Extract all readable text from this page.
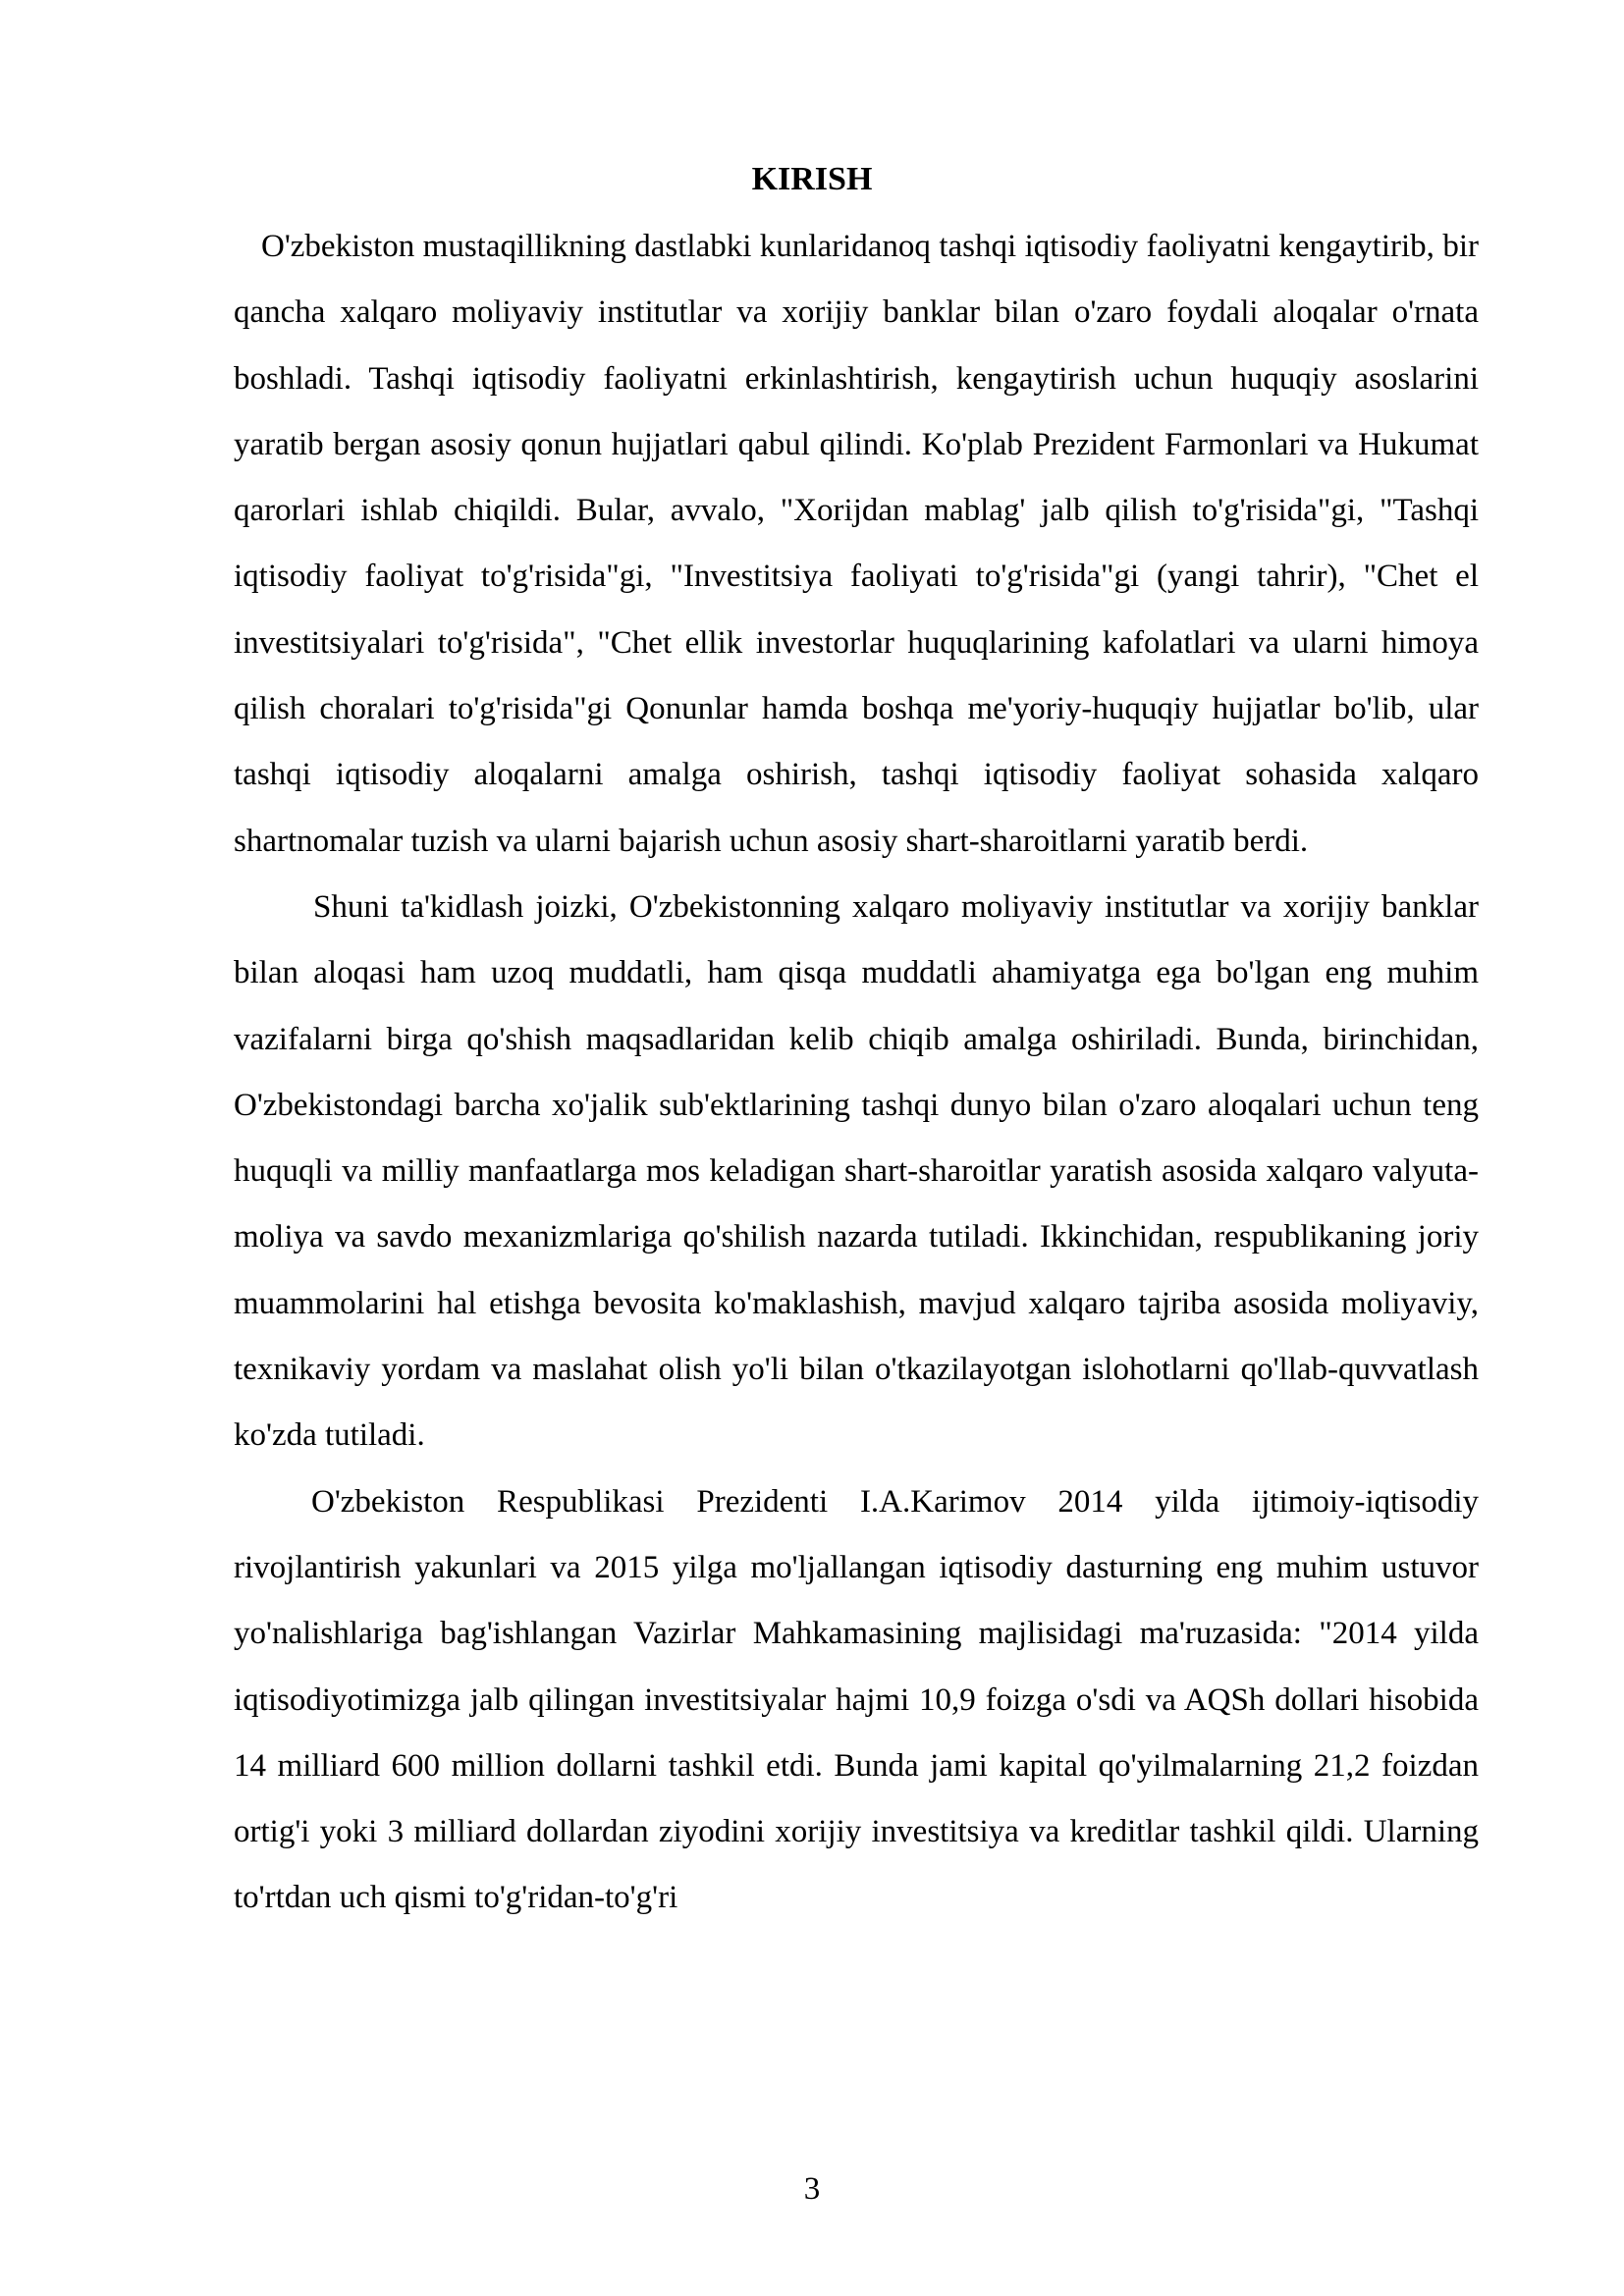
KIRISH

O'zbekiston mustaqillikning dastlabki kunlaridanoq tashqi iqtisodiy faoliyatni kengaytirib, bir qancha xalqaro moliyaviy institutlar va xorijiy banklar bilan o'zaro foydali aloqalar o'rnata boshladi. Tashqi iqtisodiy faoliyatni erkinlashtirish, kengaytirish uchun huquqiy asoslarini yaratib bergan asosiy qonun hujjatlari qabul qilindi. Ko'plab Prezident Farmonlari va Hukumat qarorlari ishlab chiqildi. Bular, avvalo, "Xorijdan mablag' jalb qilish to'g'risida"gi, "Tashqi iqtisodiy faoliyat to'g'risida"gi, "Investitsiya faoliyati to'g'risida"gi (yangi tahrir), "Chet el investitsiyalari to'g'risida", "Chet ellik investorlar huquqlarining kafolatlari va ularni himoya qilish choralari to'g'risida"gi Qonunlar hamda boshqa me'yoriy-huquqiy hujjatlar bo'lib, ular tashqi iqtisodiy aloqalarni amalga oshirish, tashqi iqtisodiy faoliyat sohasida xalqaro shartnomalar tuzish va ularni bajarish uchun asosiy shart-sharoitlarni yaratib berdi.

Shuni ta'kidlash joizki, O'zbekistonning xalqaro moliyaviy institutlar va xorijiy banklar bilan aloqasi ham uzoq muddatli, ham qisqa muddatli ahamiyatga ega bo'lgan eng muhim vazifalarni birga qo'shish maqsadlaridan kelib chiqib amalga oshiriladi. Bunda, birinchidan, O'zbekistondagi barcha xo'jalik sub'ektlarining tashqi dunyo bilan o'zaro aloqalari uchun teng huquqli va milliy manfaatlarga mos keladigan shart-sharoitlar yaratish asosida xalqaro valyuta-moliya va savdo mexanizmlariga qo'shilish nazarda tutiladi. Ikkinchidan, respublikaning joriy muammolarini hal etishga bevosita ko'maklashish, mavjud xalqaro tajriba asosida moliyaviy, texnikaviy yordam va maslahat olish yo'li bilan o'tkazilayotgan islohotlarni qo'llab-quvvatlash ko'zda tutiladi.

O'zbekiston Respublikasi Prezidenti I.A.Karimov 2014 yilda ijtimoiy-iqtisodiy rivojlantirish yakunlari va 2015 yilga mo'ljallangan iqtisodiy dasturning eng muhim ustuvor yo'nalishlariga bag'ishlangan Vazirlar Mahkamasining majlisidagi ma'ruzasida: "2014 yilda iqtisodiyotimizga jalb qilingan investitsiyalar hajmi 10,9 foizga o'sdi va AQSh dollari hisobida 14 milliard 600 million dollarni tashkil etdi. Bunda jami kapital qo'yilmalarning 21,2 foizdan ortig'i yoki 3 milliard dollardan ziyodini xorijiy investitsiya va kreditlar tashkil qildi. Ularning to'rtdan uch qismi to'g'ridan-to'g'ri

3
